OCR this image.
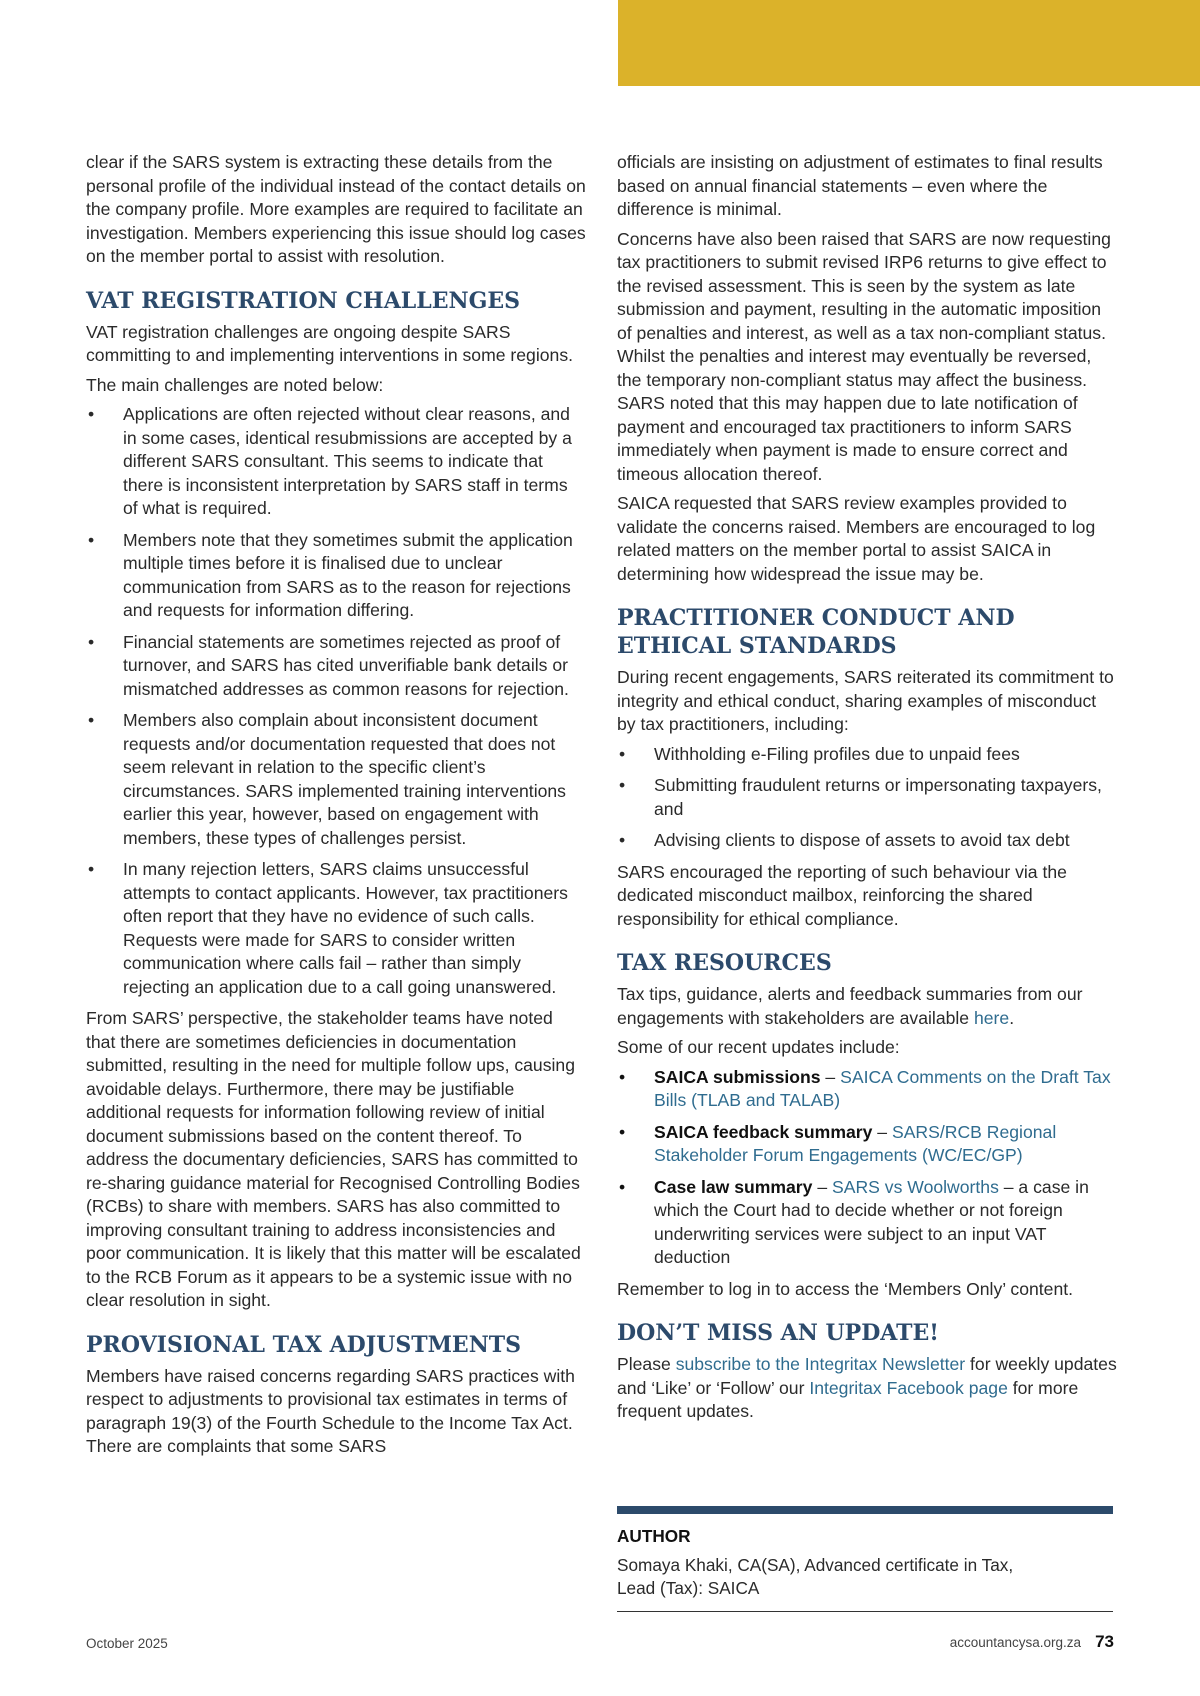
clear if the SARS system is extracting these details from the personal profile of the individual instead of the contact details on the company profile. More examples are required to facilitate an investigation. Members experiencing this issue should log cases on the member portal to assist with resolution.

VAT REGISTRATION CHALLENGES

VAT registration challenges are ongoing despite SARS committing to and implementing interventions in some regions.

The main challenges are noted below:

• Applications are often rejected without clear reasons, and in some cases, identical resubmissions are accepted by a different SARS consultant. This seems to indicate that there is inconsistent interpretation by SARS staff in terms of what is required.
• Members note that they sometimes submit the application multiple times before it is finalised due to unclear communication from SARS as to the reason for rejections and requests for information differing.
• Financial statements are sometimes rejected as proof of turnover, and SARS has cited unverifiable bank details or mismatched addresses as common reasons for rejection.
• Members also complain about inconsistent document requests and/or documentation requested that does not seem relevant in relation to the specific client’s circumstances. SARS implemented training interventions earlier this year, however, based on engagement with members, these types of challenges persist.
• In many rejection letters, SARS claims unsuccessful attempts to contact applicants. However, tax practitioners often report that they have no evidence of such calls. Requests were made for SARS to consider written communication where calls fail – rather than simply rejecting an application due to a call going unanswered.

From SARS’ perspective, the stakeholder teams have noted that there are sometimes deficiencies in documentation submitted, resulting in the need for multiple follow ups, causing avoidable delays. Furthermore, there may be justifiable additional requests for information following review of initial document submissions based on the content thereof. To address the documentary deficiencies, SARS has committed to re-sharing guidance material for Recognised Controlling Bodies (RCBs) to share with members. SARS has also committed to improving consultant training to address inconsistencies and poor communication. It is likely that this matter will be escalated to the RCB Forum as it appears to be a systemic issue with no clear resolution in sight.

PROVISIONAL TAX ADJUSTMENTS

Members have raised concerns regarding SARS practices with respect to adjustments to provisional tax estimates in terms of paragraph 19(3) of the Fourth Schedule to the Income Tax Act. There are complaints that some SARS

officials are insisting on adjustment of estimates to final results based on annual financial statements – even where the difference is minimal.

Concerns have also been raised that SARS are now requesting tax practitioners to submit revised IRP6 returns to give effect to the revised assessment. This is seen by the system as late submission and payment, resulting in the automatic imposition of penalties and interest, as well as a tax non-compliant status. Whilst the penalties and interest may eventually be reversed, the temporary non-compliant status may affect the business. SARS noted that this may happen due to late notification of payment and encouraged tax practitioners to inform SARS immediately when payment is made to ensure correct and timeous allocation thereof.

SAICA requested that SARS review examples provided to validate the concerns raised. Members are encouraged to log related matters on the member portal to assist SAICA in determining how widespread the issue may be.

PRACTITIONER CONDUCT AND ETHICAL STANDARDS

During recent engagements, SARS reiterated its commitment to integrity and ethical conduct, sharing examples of misconduct by tax practitioners, including:

• Withholding e-Filing profiles due to unpaid fees
• Submitting fraudulent returns or impersonating taxpayers, and
• Advising clients to dispose of assets to avoid tax debt

SARS encouraged the reporting of such behaviour via the dedicated misconduct mailbox, reinforcing the shared responsibility for ethical compliance.

TAX RESOURCES

Tax tips, guidance, alerts and feedback summaries from our engagements with stakeholders are available here.

Some of our recent updates include:

• SAICA submissions – SAICA Comments on the Draft Tax Bills (TLAB and TALAB)
• SAICA feedback summary – SARS/RCB Regional Stakeholder Forum Engagements (WC/EC/GP)
• Case law summary – SARS vs Woolworths – a case in which the Court had to decide whether or not foreign underwriting services were subject to an input VAT deduction

Remember to log in to access the ‘Members Only’ content.

DON’T MISS AN UPDATE!

Please subscribe to the Integritax Newsletter for weekly updates and ‘Like’ or ‘Follow’ our Integritax Facebook page for more frequent updates.

AUTHOR
Somaya Khaki, CA(SA), Advanced certificate in Tax,
Lead (Tax): SAICA
October 2025	accountancysa.org.za 73
